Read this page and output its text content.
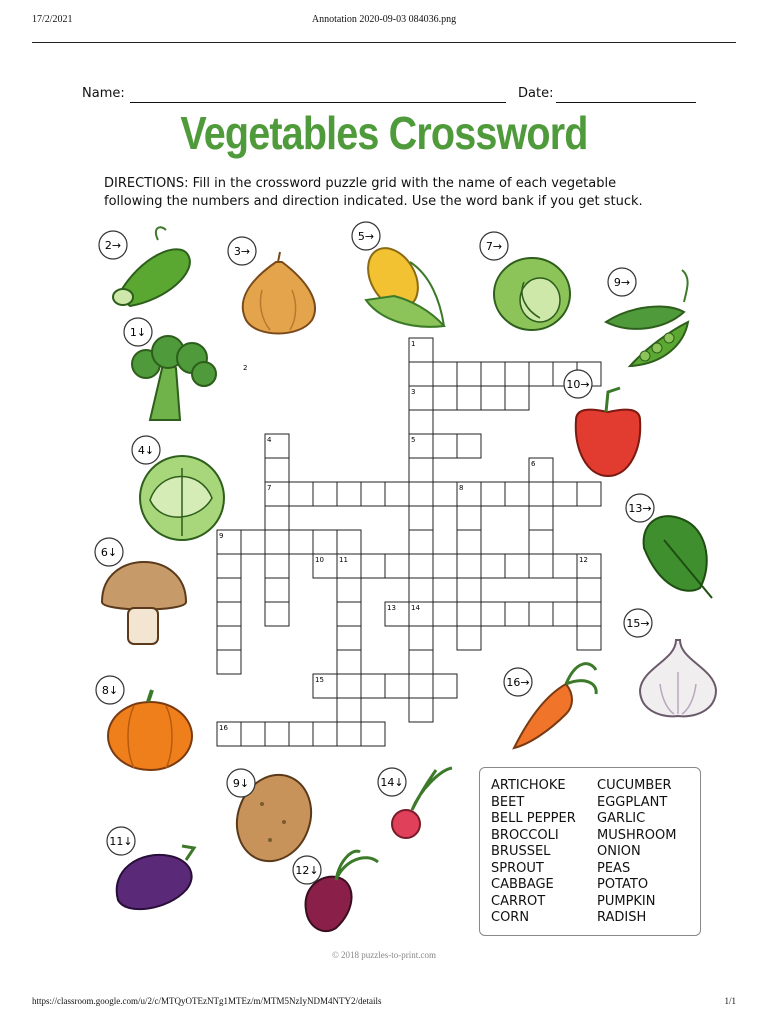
17/2/2021	Annotation 2020-09-03 084036.png
Name:	Date:
Vegetables Crossword
DIRECTIONS: Fill in the crossword puzzle grid with the name of each vegetable
following the numbers and direction indicated. Use the word bank if you get stuck.
1
2
3
4	5
6
7	8
9
10 11	12
13 14
15
16
2→	3→
5→
7→
9→
1↓
10→
4↓
13→
6↓
15→
16→
8↓
9↓	14↓
11↓
12↓
ARTICHOKE
BEET
BELL PEPPER
BROCCOLI
BRUSSEL
SPROUT
CABBAGE
CARROT
CORN
CUCUMBER
EGGPLANT
GARLIC
MUSHROOM
ONION
PEAS
POTATO
PUMPKIN
RADISH
© 2018 puzzles-to-print.com
https://classroom.google.com/u/2/c/MTQyOTEzNTg1MTEz/m/MTM5NzIyNDM4NTY2/details	1/1
